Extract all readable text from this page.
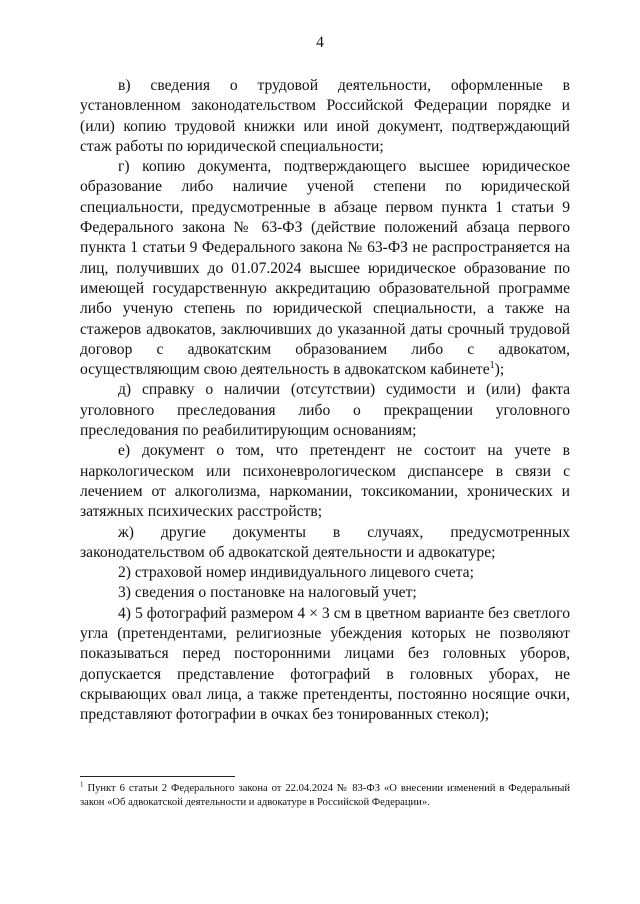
4

в) сведения о трудовой деятельности, оформленные в установленном законодательством Российской Федерации порядке и (или) копию трудовой книжки или иной документ, подтверждающий стаж работы по юридической специальности;

г) копию документа, подтверждающего высшее юридическое образование либо наличие ученой степени по юридической специальности, предусмотренные в абзаце первом пункта 1 статьи 9 Федерального закона № 63-ФЗ (действие положений абзаца первого пункта 1 статьи 9 Федерального закона № 63-ФЗ не распространяется на лиц, получивших до 01.07.2024 высшее юридическое образование по имеющей государственную аккредитацию образовательной программе либо ученую степень по юридической специальности, а также на стажеров адвокатов, заключивших до указанной даты срочный трудовой договор с адвокатским образованием либо с адвокатом, осуществляющим свою деятельность в адвокатском кабинете$^1$);

д) справку о наличии (отсутствии) судимости и (или) факта уголовного преследования либо о прекращении уголовного преследования по реабилитирующим основаниям;

е) документ о том, что претендент не состоит на учете в наркологическом или психоневрологическом диспансере в связи с лечением от алкоголизма, наркомании, токсикомании, хронических и затяжных психических расстройств;

ж) другие документы в случаях, предусмотренных законодательством об адвокатской деятельности и адвокатуре;

2) страховой номер индивидуального лицевого счета;

3) сведения о постановке на налоговый учет;

4) 5 фотографий размером 4 × 3 см в цветном варианте без светлого угла (претендентами, религиозные убеждения которых не позволяют показываться перед посторонними лицами без головных уборов, допускается представление фотографий в головных уборах, не скрывающих овал лица, а также претенденты, постоянно носящие очки, представляют фотографии в очках без тонированных стекол);

$^1$ Пункт 6 статьи 2 Федерального закона от 22.04.2024 № 83-ФЗ «О внесении изменений в Федеральный закон «Об адвокатской деятельности и адвокатуре в Российской Федерации».
